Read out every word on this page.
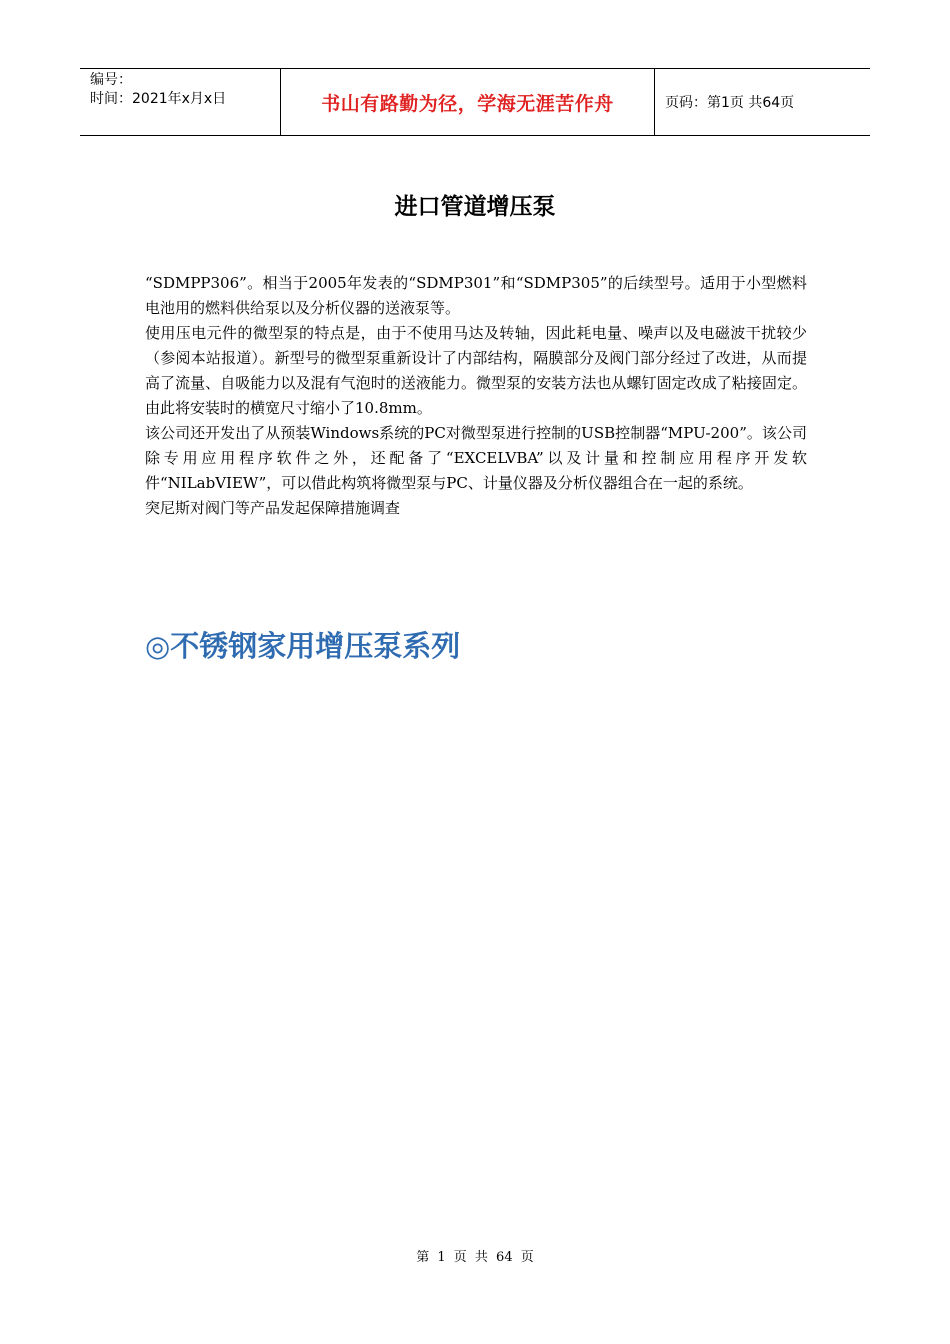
编号：
时间：2021年x月x日	书山有路勤为径，学海无涯苦作舟	页码：第1页 共64页
进口管道增压泵

“SDMPP306”。相当于2005年发表的“SDMP301”和“SDMP305”的后续型号。适用于小型燃料电池用的燃料供给泵以及分析仪器的送液泵等。

使用压电元件的微型泵的特点是，由于不使用马达及转轴，因此耗电量、噪声以及电磁波干扰较少（参阅本站报道）。新型号的微型泵重新设计了内部结构，隔膜部分及阀门部分经过了改进，从而提高了流量、自吸能力以及混有气泡时的送液能力。微型泵的安装方法也从螺钉固定改成了粘接固定。由此将安装时的横宽尺寸缩小了10.8mm。

该公司还开发出了从预装Windows系统的PC对微型泵进行控制的USB控制器“MPU-200”。该公司除专用应用程序软件之外，还配备了“EXCELVBA”以及计量和控制应用程序开发软件“NILabVIEW”，可以借此构筑将微型泵与PC、计量仪器及分析仪器组合在一起的系统。

突尼斯对阀门等产品发起保障措施调查

◎不锈钢家用增压泵系列
第 1 页 共 64 页
